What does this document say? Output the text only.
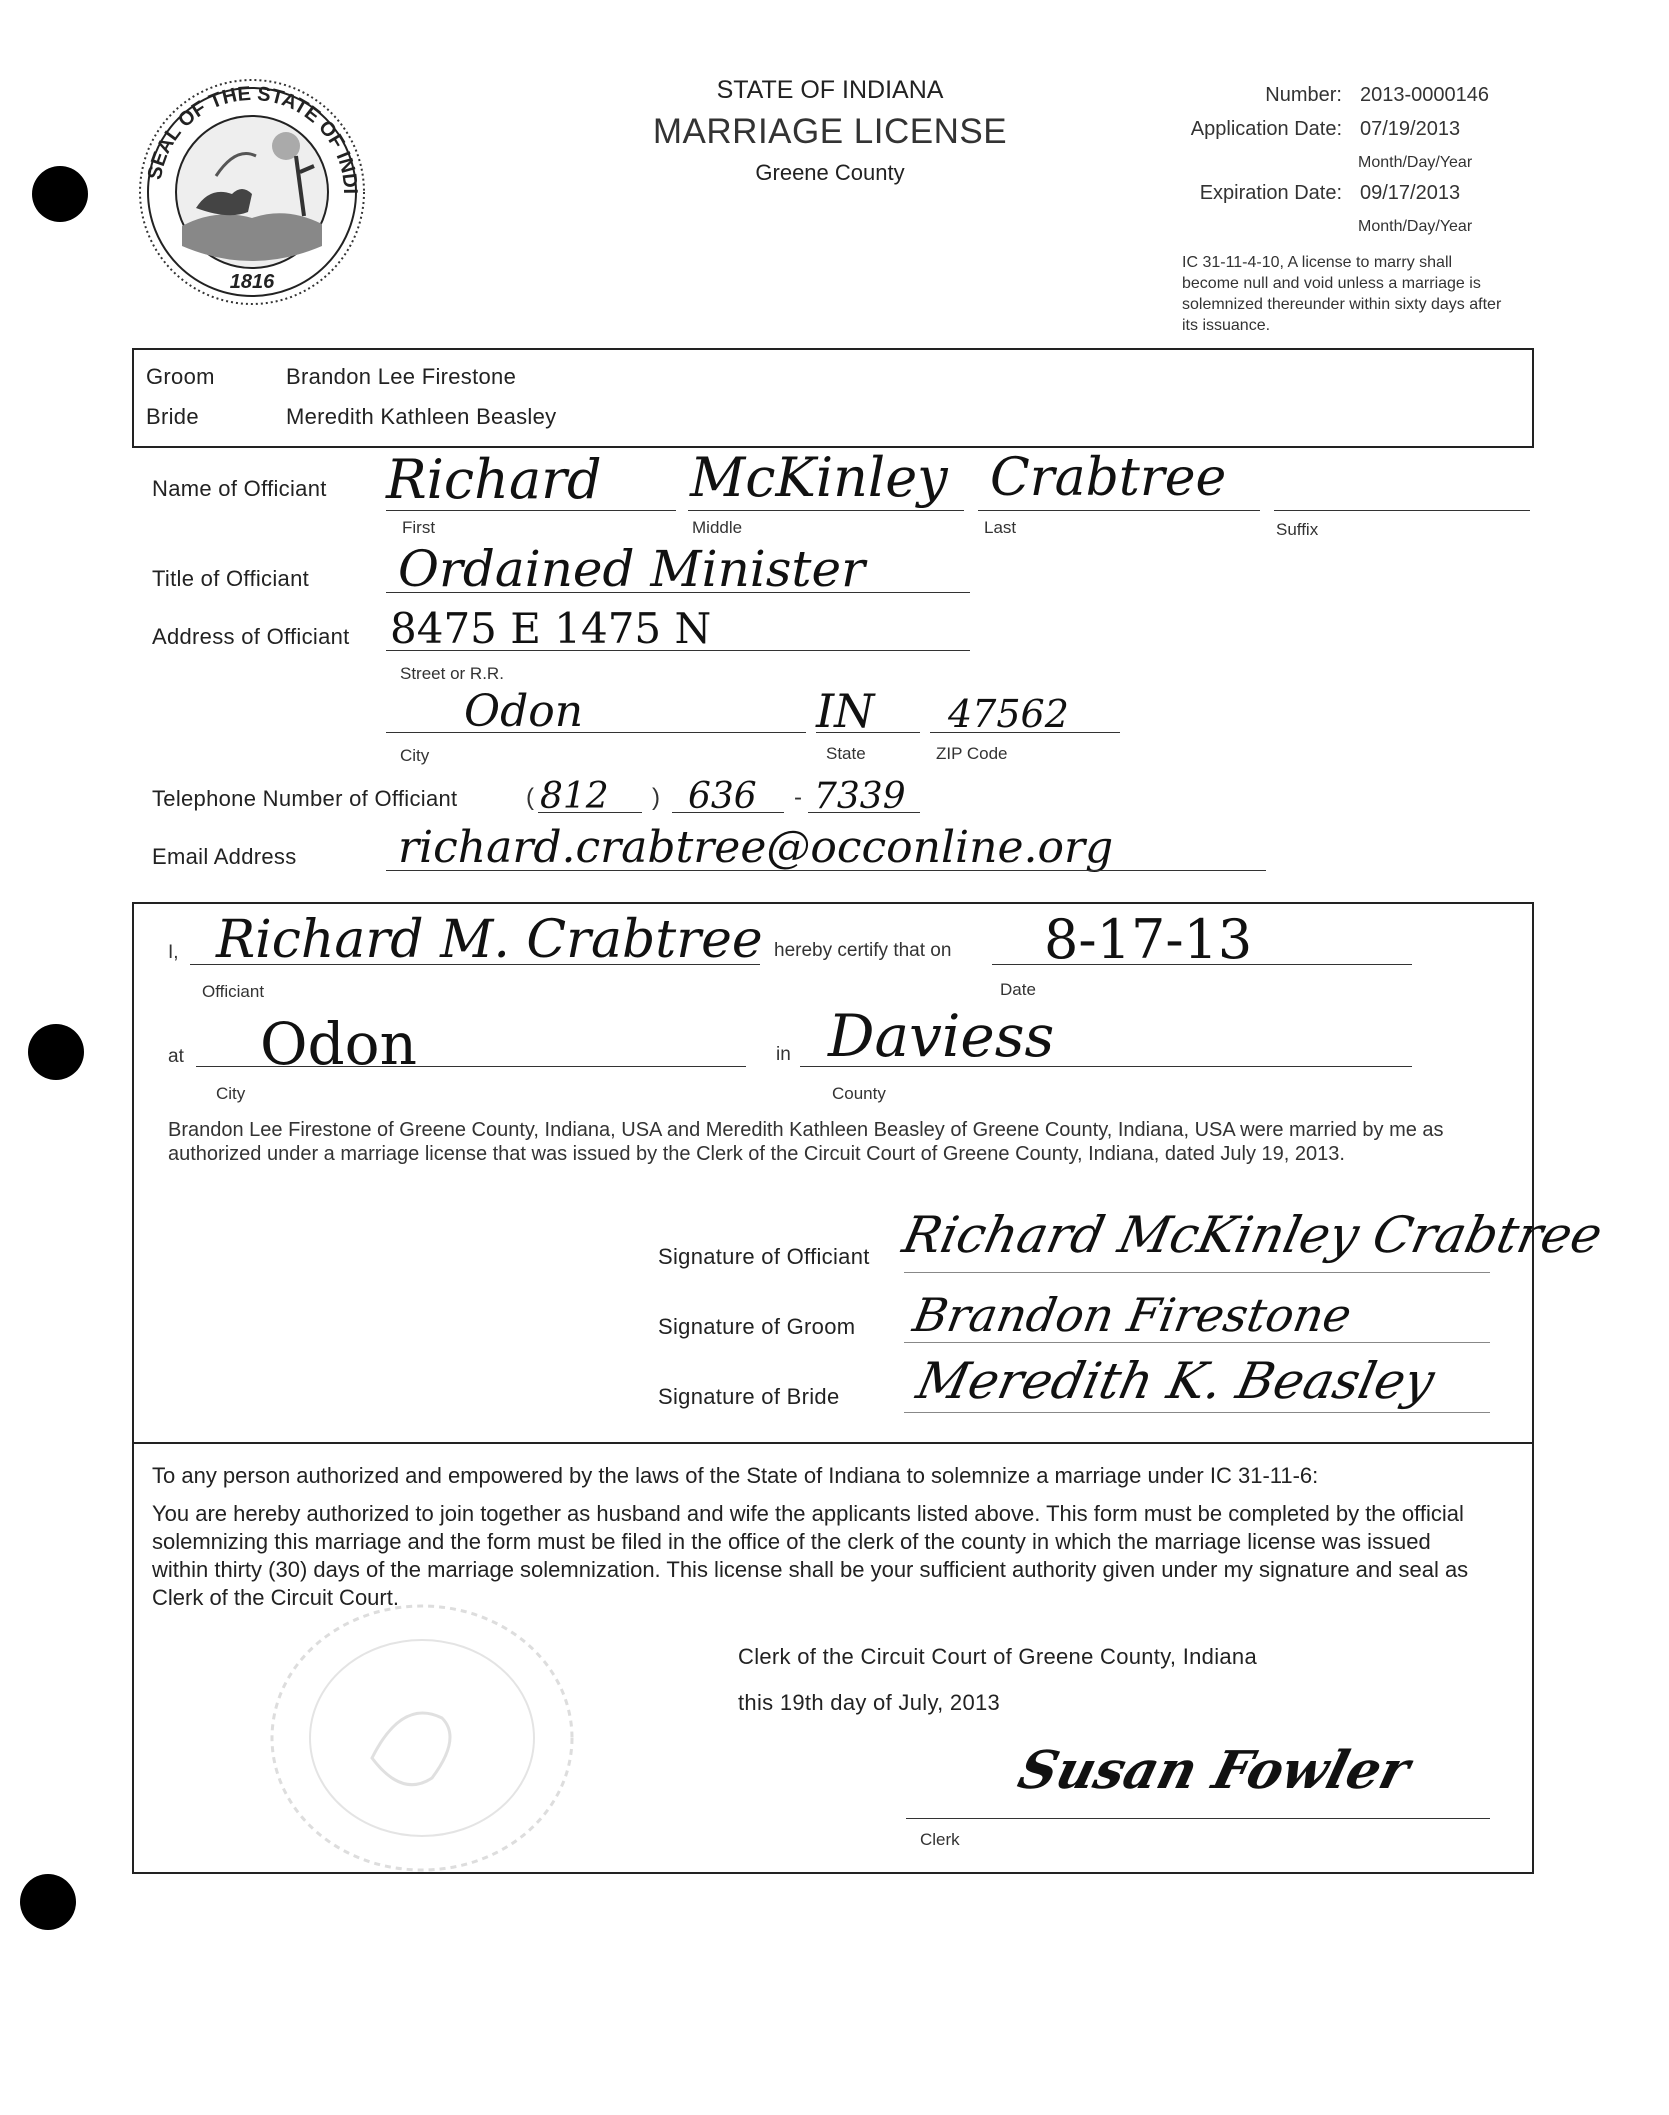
SEAL OF THE STATE OF INDI
1816
STATE OF INDIANA
MARRIAGE LICENSE
Greene County
Number: 2013-0000146
Application Date: 07/19/2013
Month/Day/Year
Expiration Date: 09/17/2013
Month/Day/Year
IC 31-11-4-10, A license to marry shall become null and void unless a marriage is solemnized thereunder within sixty days after its issuance.
Groom	Brandon Lee Firestone
Bride	Meredith Kathleen Beasley
Name of Officiant Richard McKinley Crabtree
First	Middle	Last	Suffix
Title of Officiant Ordained Minister
Address of Officiant 8475 E 1475 N
Street or R.R.
Odon	IN 47562
City	State	ZIP Code
Telephone Number of Officiant	( 812 ) 636 - 7339
Email Address richard.crabtree@occonline.org
I, Richard M. Crabtree hereby certify that on 8-17-13
Officiant	Date
at Odon	in Daviess
City	County
Brandon Lee Firestone of Greene County, Indiana, USA and Meredith Kathleen Beasley of Greene County, Indiana, USA were married by me as authorized under a marriage license that was issued by the Clerk of the Circuit Court of Greene County, Indiana, dated July 19, 2013.
Signature of Officiant Richard McKinley Crabtree
Signature of Groom Brandon Firestone
Signature of Bride Meredith K. Beasley
To any person authorized and empowered by the laws of the State of Indiana to solemnize a marriage under IC 31-11-6:
You are hereby authorized to join together as husband and wife the applicants listed above. This form must be completed by the official solemnizing this marriage and the form must be filed in the office of the clerk of the county in which the marriage license was issued within thirty (30) days of the marriage solemnization. This license shall be your sufficient authority given under my signature and seal as Clerk of the Circuit Court.
Clerk of the Circuit Court of Greene County, Indiana
this 19th day of July, 2013
Susan Fowler
Clerk
